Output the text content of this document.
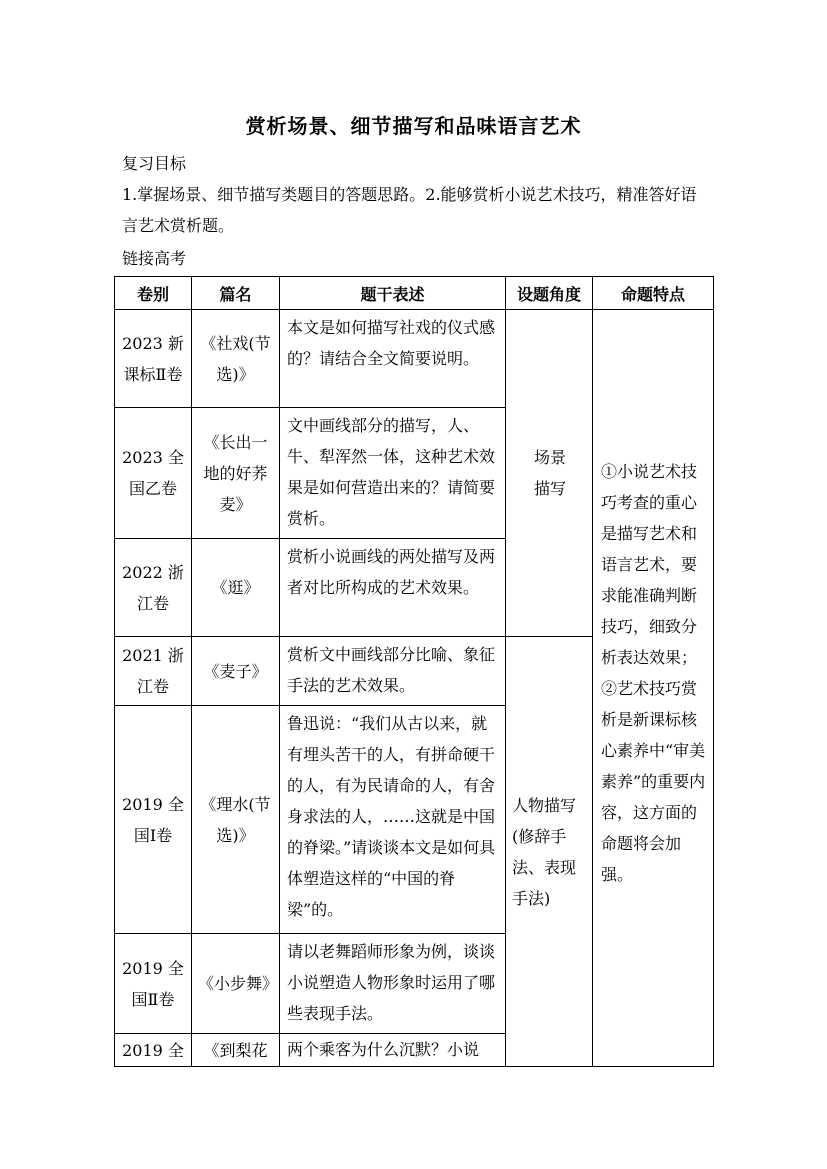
赏析场景、细节描写和品味语言艺术
复习目标
1.掌握场景、细节描写类题目的答题思路。2.能够赏析小说艺术技巧，精准答好语言艺术赏析题。
链接高考
卷别	篇名	题干表述	设题角度	命题特点
2023 新课标Ⅱ卷	《社戏(节选)》	本文是如何描写社戏的仪式感的？请结合全文简要说明。	场景描写	①小说艺术技巧考查的重心是描写艺术和语言艺术，要求能准确判断技巧，细致分析表达效果；②艺术技巧赏析是新课标核心素养中“审美素养”的重要内容，这方面的命题将会加强。
2023 全国乙卷	《长出一地的好荞麦》	文中画线部分的描写，人、牛、犁浑然一体，这种艺术效果是如何营造出来的？请简要赏析。		
2022 浙江卷	《逛》	赏析小说画线的两处描写及两者对比所构成的艺术效果。		
2021 浙江卷	《麦子》	赏析文中画线部分比喻、象征手法的艺术效果。	人物描写(修辞手法、表现手法)	
2019 全国Ⅰ卷	《理水(节选)》	鲁迅说：“我们从古以来，就有埋头苦干的人，有拼命硬干的人，有为民请命的人，有舍身求法的人，……这就是中国的脊梁。”请谈谈本文是如何具体塑造这样的“中国的脊梁”的。		
2019 全国Ⅱ卷	《小步舞》	请以老舞蹈师形象为例，谈谈小说塑造人物形象时运用了哪些表现手法。		
2019 全	《到梨花	两个乘客为什么沉默？小说		
